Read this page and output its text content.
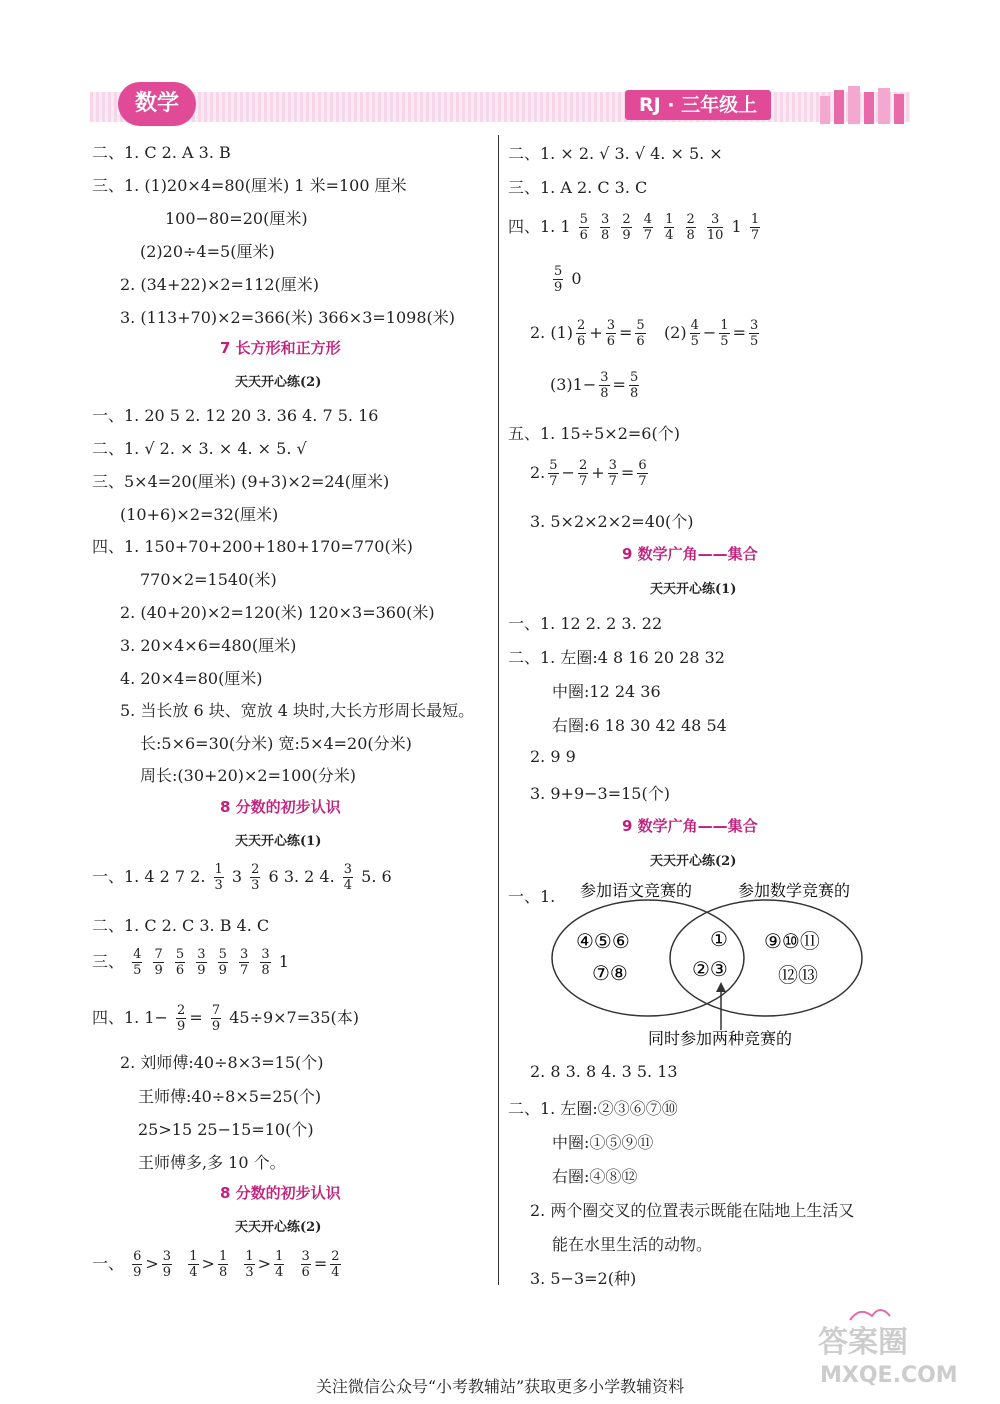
数学	RJ · 三年级上
二、1. C 2. A 3. B
三、1. (1)20×4=80(厘米) 1 米=100 厘米
100−80=20(厘米)
(2)20÷4=5(厘米)
2. (34+22)×2=112(厘米)
3. (113+70)×2=366(米) 366×3=1098(米)
7 长方形和正方形
天天开心练(2)
一、1. 20 5 2. 12 20 3. 36 4. 7 5. 16
二、1. √ 2. × 3. × 4. × 5. √
三、5×4=20(厘米) (9+3)×2=24(厘米)
(10+6)×2=32(厘米)
四、1. 150+70+200+180+170=770(米)
770×2=1540(米)
2. (40+20)×2=120(米) 120×3=360(米)
3. 20×4×6=480(厘米)
4. 20×4=80(厘米)
5. 当长放 6 块、宽放 4 块时,大长方形周长最短。
长:5×6=30(分米) 宽:5×4=20(分米)
周长:(30+20)×2=100(分米)
8 分数的初步认识
天天开心练(1)
一、1. 4 2 7 2. $\frac{1}{3} 3 \frac{2}{3} 6$ 3. 2 4. $\frac{3}{4} 5$. 6
二、1. C 2. C 3. B 4. C
三、 $\frac{4}{5}$
$\frac{7}{9}$
$\frac{5}{6}$
$\frac{3}{9}$
$\frac{5}{9}$
$\frac{3}{7}$
$\frac{3}{8} 1$
四、1. $1- \frac{2}{9} = \frac{7}{9} 45\div 9\times 7=35$(本)
2. 刘师傅:40÷8×3=15(个)
王师傅:40÷8×5=25(个)
25>15 25−15=10(个)
王师傅多,多 10 个。
8 分数的初步认识
天天开心练(2)
一、 $\frac{6}{9} > \frac{3}{9}$
$\frac{1}{4} > \frac{1}{8}$
$\frac{1}{3} > \frac{1}{4}$
$\frac{3}{6} = \frac{2}{4}$
二、1. × 2. √ 3. √ 4. × 5. ×
三、1. A 2. C 3. C
四、1. $1 \frac{5}{6}$
$\frac{3}{8}$
$\frac{2}{9}$
$\frac{4}{7}$
$\frac{1}{4}$
$\frac{2}{8}$
$\frac{3}{10} 1 \frac{1}{7}$
$\frac{5}{9} 0$
2. $(1) \frac{2}{6} + \frac{3}{6} = \frac{5}{6} (2) \frac{4}{5} - \frac{1}{5} = \frac{3}{5}$
$(3)1- \frac{3}{8} = \frac{5}{8}$
五、1. 15÷5×2=6(个)
2. $\frac{5}{7} - \frac{2}{7} + \frac{3}{7} = \frac{6}{7}$
3. 5×2×2×2=40(个)
9 数学广角——集合
天天开心练(1)
一、1. 12 2. 2 3. 22
二、1. 左圈:4 8 16 20 28 32
中圈:12 24 36
右圈:6 18 30 42 48 54
2. 9 9
3. 9+9−3=15(个)
9 数学广角——集合
天天开心练(2)
一、1. 参加语文竞赛的	参加数学竞赛的
④⑤⑥
⑦⑧
①
②③
⑨⑩⑪
⑫⑬
同时参加两种竞赛的
2. 8 3. 8 4. 3 5. 13
二、1. 左圈:②③⑥⑦⑩
中圈:①⑤⑨⑪
右圈:④⑧⑫
2. 两个圈交叉的位置表示既能在陆地上生活又
能在水里生活的动物。
3. 5−3=2(种)
答案圈
MXQE.COM
关注微信公众号“小考教辅站”获取更多小学教辅资料
